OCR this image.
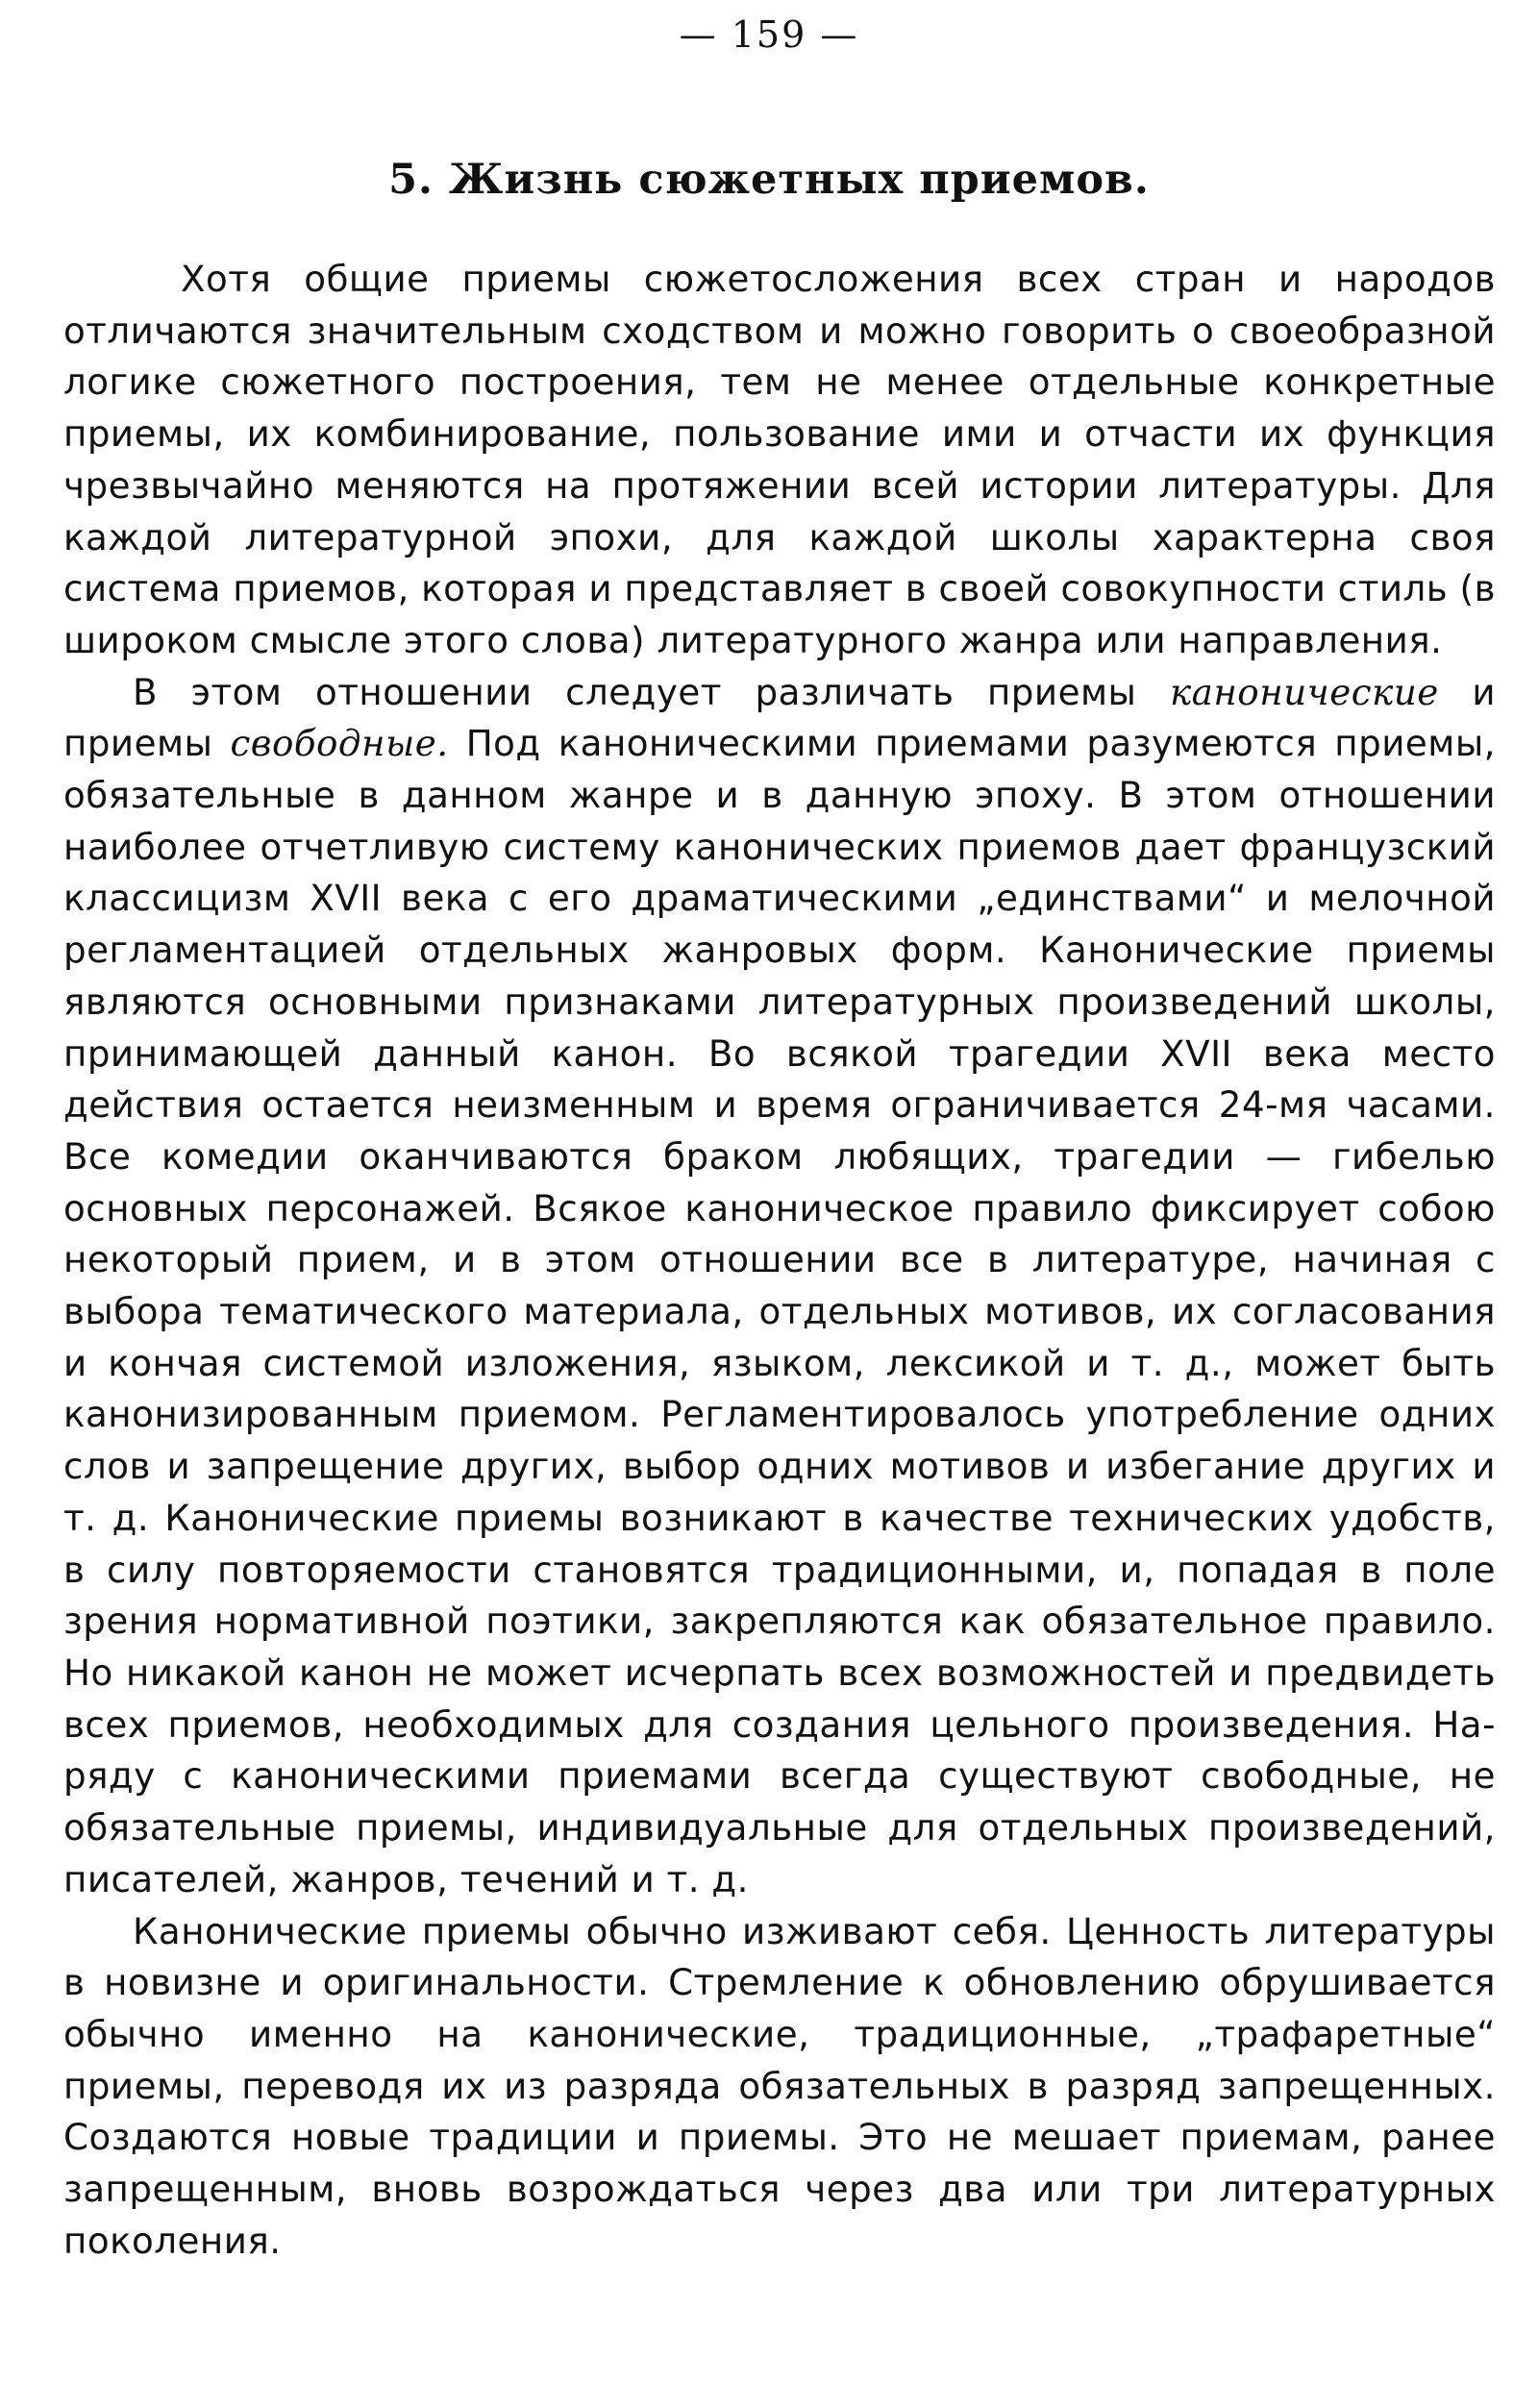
— 159 —
5. Жизнь сюжетных приемов.

Хотя общие приемы сюжетосложения всех стран и народов отличаются значительным сходством и можно говорить о своеобразной логике сюжетного построения, тем не менее отдельные конкретные приемы, их комбинирование, пользование ими и отчасти их функция чрезвычайно меняются на протяжении всей истории литературы. Для каждой литературной эпохи, для каждой школы характерна своя система приемов, которая и представляет в своей совокупности стиль (в широком смысле этого слова) литературного жанра или направления.

В этом отношении следует различать приемы канонические и приемы свободные. Под каноническими приемами разумеются приемы, обязательные в данном жанре и в данную эпоху. В этом отношении наиболее отчетливую систему канонических приемов дает французский классицизм XVII века с его драматическими „единствами“ и мелочной регламентацией отдельных жанровых форм. Канонические приемы являются основными признаками литературных произведений школы, принимающей данный канон. Во всякой трагедии XVII века место действия остается неизменным и время ограничивается 24-мя часами. Все комедии оканчиваются браком любящих, трагедии — гибелью основных персонажей. Всякое каноническое правило фиксирует собою некоторый прием, и в этом отношении все в литературе, начиная с выбора тематического материала, отдельных мотивов, их согласования и кончая системой изложения, языком, лексикой и т. д., может быть канонизированным приемом. Регламентировалось употребление одних слов и запрещение других, выбор одних мотивов и избегание других и т. д. Канонические приемы возникают в качестве технических удобств, в силу повторяемости становятся традиционными, и, попадая в поле зрения нормативной поэтики, закрепляются как обязательное правило. Но никакой канон не может исчерпать всех возможностей и предвидеть всех приемов, необходимых для создания цельного произведения. На-ряду с каноническими приемами всегда существуют свободные, не обязательные приемы, индивидуальные для отдельных произведений, писателей, жанров, течений и т. д.

Канонические приемы обычно изживают себя. Ценность литературы в новизне и оригинальности. Стремление к обновлению обрушивается обычно именно на канонические, традиционные, „трафаретные“ приемы, переводя их из разряда обязательных в разряд запрещенных. Создаются новые традиции и приемы. Это не мешает приемам, ранее запрещенным, вновь возрождаться через два или три литературных поколения.
